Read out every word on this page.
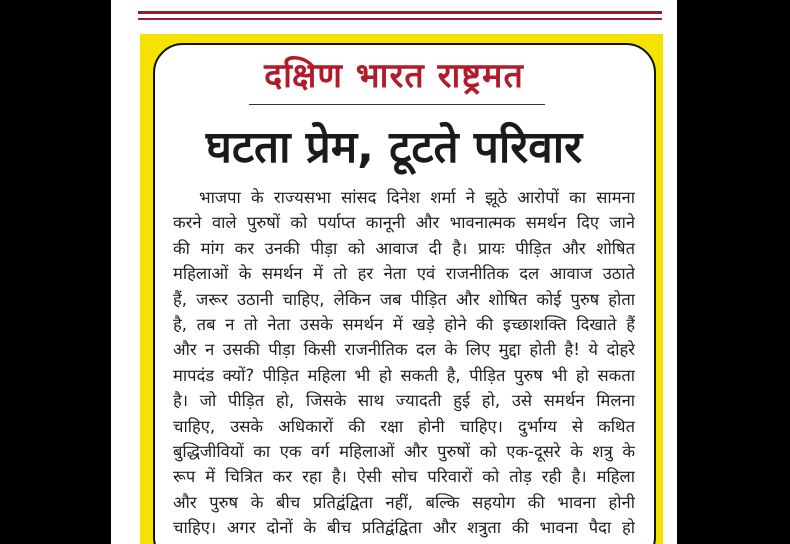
दक्षिण भारत राष्ट्रमत
घटता प्रेम, टूटते परिवार
भाजपा के राज्यसभा सांसद दिनेश शर्मा ने झूठे आरोपों का सामना
करने वाले पुरुषों को पर्याप्त कानूनी और भावनात्मक समर्थन दिए जाने
की मांग कर उनकी पीड़ा को आवाज दी है। प्रायः पीड़ित और शोषित
महिलाओं के समर्थन में तो हर नेता एवं राजनीतिक दल आवाज उठाते
हैं, जरूर उठानी चाहिए, लेकिन जब पीड़ित और शोषित कोई पुरुष होता
है, तब न तो नेता उसके समर्थन में खड़े होने की इच्छाशक्ति दिखाते हैं
और न उसकी पीड़ा किसी राजनीतिक दल के लिए मुद्दा होती है! ये दोहरे
मापदंड क्यों? पीड़ित महिला भी हो सकती है, पीड़ित पुरुष भी हो सकता
है। जो पीड़ित हो, जिसके साथ ज्यादती हुई हो, उसे समर्थन मिलना
चाहिए, उसके अधिकारों की रक्षा होनी चाहिए। दुर्भाग्य से कथित
बुद्धिजीवियों का एक वर्ग महिलाओं और पुरुषों को एक-दूसरे के शत्रु के
रूप में चित्रित कर रहा है। ऐसी सोच परिवारों को तोड़ रही है। महिला
और पुरुष के बीच प्रतिद्वंद्विता नहीं, बल्कि सहयोग की भावना होनी
चाहिए। अगर दोनों के बीच प्रतिद्वंद्विता और शत्रुता की भावना पैदा हो
